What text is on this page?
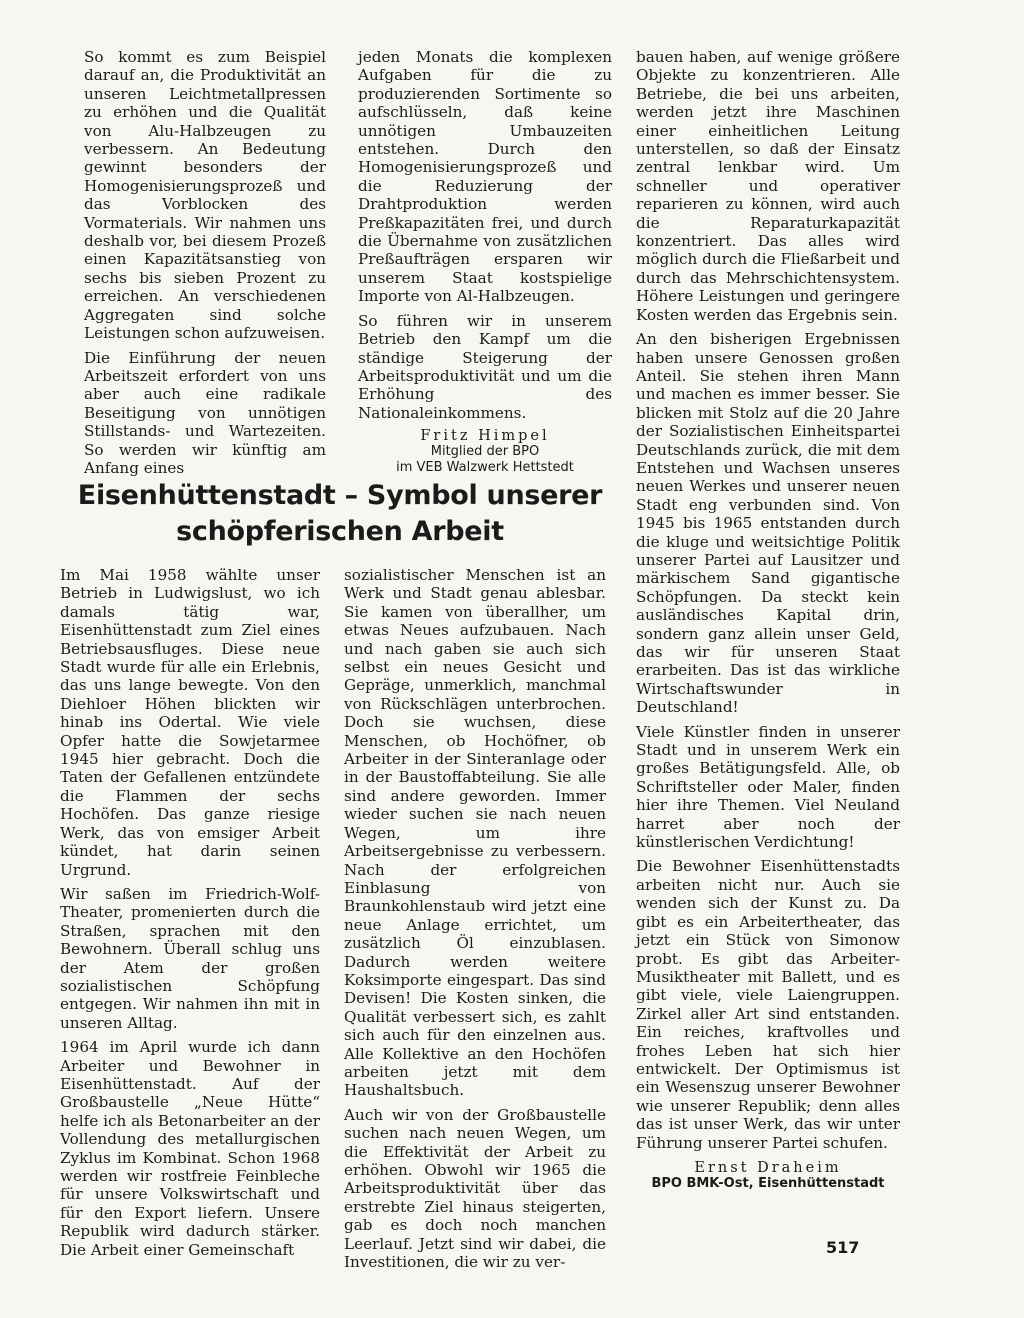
So kommt es zum Beispiel darauf an, die Produktivität an unseren Leichtmetallpressen zu erhöhen und die Qualität von Alu-Halbzeugen zu verbessern. An Bedeutung gewinnt besonders der Homogenisierungsprozeß und das Vorblocken des Vormaterials. Wir nahmen uns deshalb vor, bei diesem Prozeß einen Kapazitätsanstieg von sechs bis sieben Prozent zu erreichen. An verschiedenen Aggregaten sind solche Leistungen schon aufzuweisen.

Die Einführung der neuen Arbeitszeit erfordert von uns aber auch eine radikale Beseitigung von unnötigen Stillstands- und Wartezeiten. So werden wir künftig am Anfang eines

jeden Monats die komplexen Aufgaben für die zu produzierenden Sortimente so aufschlüsseln, daß keine unnötigen Umbauzeiten entstehen. Durch den Homogenisierungsprozeß und die Reduzierung der Drahtproduktion werden Preßkapazitäten frei, und durch die Übernahme von zusätzlichen Preßaufträgen ersparen wir unserem Staat kostspielige Importe von Al-Halbzeugen.

So führen wir in unserem Betrieb den Kampf um die ständige Steigerung der Arbeitsproduktivität und um die Erhöhung des Nationaleinkommens.

Fritz Himpel
Mitglied der BPO
im VEB Walzwerk Hettstedt
Eisenhüttenstadt – Symbol unserer
schöpferischen Arbeit

Im Mai 1958 wählte unser Betrieb in Ludwigslust, wo ich damals tätig war, Eisenhüttenstadt zum Ziel eines Betriebsausfluges. Diese neue Stadt wurde für alle ein Erlebnis, das uns lange bewegte. Von den Diehloer Höhen blickten wir hinab ins Odertal. Wie viele Opfer hatte die Sowjetarmee 1945 hier gebracht. Doch die Taten der Gefallenen entzündete die Flammen der sechs Hochöfen. Das ganze riesige Werk, das von emsiger Arbeit kündet, hat darin seinen Urgrund.

Wir saßen im Friedrich-Wolf-Theater, promenierten durch die Straßen, sprachen mit den Bewohnern. Überall schlug uns der Atem der großen sozialistischen Schöpfung entgegen. Wir nahmen ihn mit in unseren Alltag.

1964 im April wurde ich dann Arbeiter und Bewohner in Eisenhüttenstadt. Auf der Großbaustelle „Neue Hütte“ helfe ich als Betonarbeiter an der Vollendung des metallurgischen Zyklus im Kombinat. Schon 1968 werden wir rostfreie Feinbleche für unsere Volkswirtschaft und für den Export liefern. Unsere Republik wird dadurch stärker. Die Arbeit einer Gemeinschaft

sozialistischer Menschen ist an Werk und Stadt genau ablesbar. Sie kamen von überallher, um etwas Neues aufzubauen. Nach und nach gaben sie auch sich selbst ein neues Gesicht und Gepräge, unmerklich, manchmal von Rückschlägen unterbrochen. Doch sie wuchsen, diese Menschen, ob Hochöfner, ob Arbeiter in der Sinteranlage oder in der Baustoffabteilung. Sie alle sind andere geworden. Immer wieder suchen sie nach neuen Wegen, um ihre Arbeitsergebnisse zu verbessern. Nach der erfolgreichen Einblasung von Braunkohlenstaub wird jetzt eine neue Anlage errichtet, um zusätzlich Öl einzublasen. Dadurch werden weitere Koksimporte eingespart. Das sind Devisen! Die Kosten sinken, die Qualität verbessert sich, es zahlt sich auch für den einzelnen aus. Alle Kollektive an den Hochöfen arbeiten jetzt mit dem Haushaltsbuch.

Auch wir von der Großbaustelle suchen nach neuen Wegen, um die Effektivität der Arbeit zu erhöhen. Obwohl wir 1965 die Arbeitsproduktivität über das erstrebte Ziel hinaus steigerten, gab es doch noch manchen Leerlauf. Jetzt sind wir dabei, die Investitionen, die wir zu ver-

bauen haben, auf wenige größere Objekte zu konzentrieren. Alle Betriebe, die bei uns arbeiten, werden jetzt ihre Maschinen einer einheitlichen Leitung unterstellen, so daß der Einsatz zentral lenkbar wird. Um schneller und operativer reparieren zu können, wird auch die Reparaturkapazität konzentriert. Das alles wird möglich durch die Fließarbeit und durch das Mehrschichtensystem. Höhere Leistungen und geringere Kosten werden das Ergebnis sein.

An den bisherigen Ergebnissen haben unsere Genossen großen Anteil. Sie stehen ihren Mann und machen es immer besser. Sie blicken mit Stolz auf die 20 Jahre der Sozialistischen Einheitspartei Deutschlands zurück, die mit dem Entstehen und Wachsen unseres neuen Werkes und unserer neuen Stadt eng verbunden sind. Von 1945 bis 1965 entstanden durch die kluge und weitsichtige Politik unserer Partei auf Lausitzer und märkischem Sand gigantische Schöpfungen. Da steckt kein ausländisches Kapital drin, sondern ganz allein unser Geld, das wir für unseren Staat erarbeiten. Das ist das wirkliche Wirtschaftswunder in Deutschland!

Viele Künstler finden in unserer Stadt und in unserem Werk ein großes Betätigungsfeld. Alle, ob Schriftsteller oder Maler, finden hier ihre Themen. Viel Neuland harret aber noch der künstlerischen Verdichtung!

Die Bewohner Eisenhüttenstadts arbeiten nicht nur. Auch sie wenden sich der Kunst zu. Da gibt es ein Arbeitertheater, das jetzt ein Stück von Simonow probt. Es gibt das Arbeiter-Musiktheater mit Ballett, und es gibt viele, viele Laiengruppen. Zirkel aller Art sind entstanden. Ein reiches, kraftvolles und frohes Leben hat sich hier entwickelt. Der Optimismus ist ein Wesenszug unserer Bewohner wie unserer Republik; denn alles das ist unser Werk, das wir unter Führung unserer Partei schufen.

Ernst Draheim
BPO BMK-Ost, Eisenhüttenstadt
517
